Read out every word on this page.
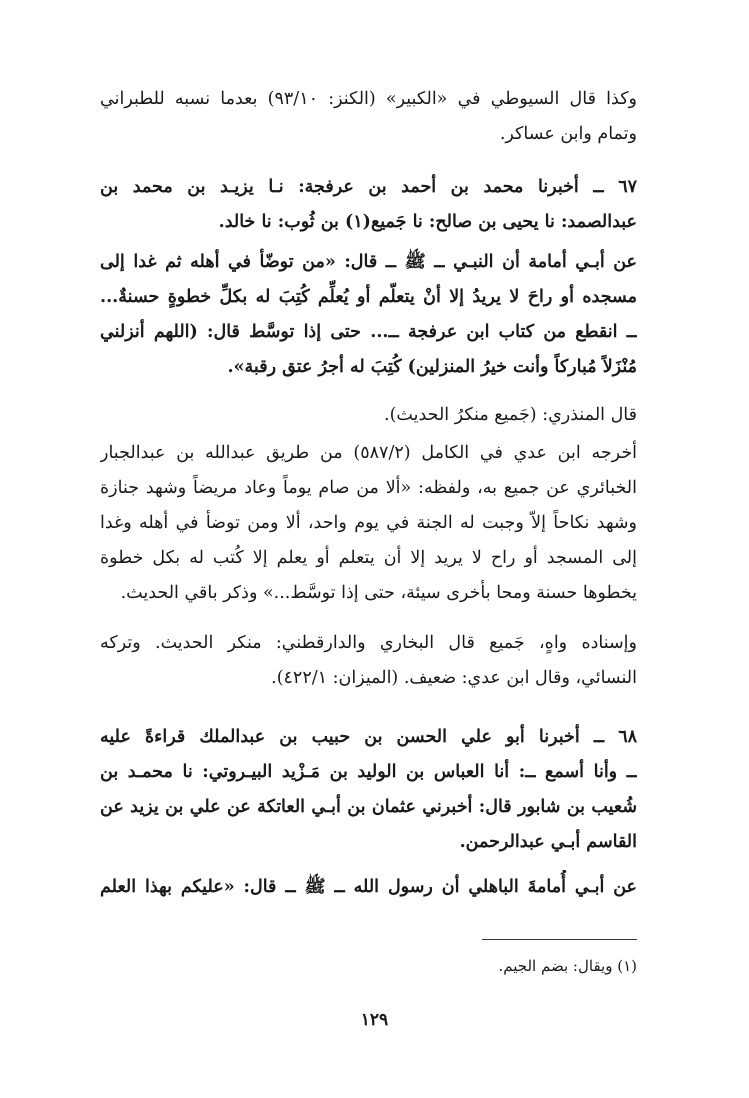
وكذا قال السيوطي في «الكبير» (الكنز: ٩٣/١٠) بعدما نسبه للطبراني
وتمام وابن عساكر.
٦٧ ــ أخبرنا محمد بن أحمد بن عرفجة: نـا يزيـد بن محمد بن
عبدالصمد: نا يحيى بن صالح: نا جَميع(١) بن ثُوب: نا خالد.
عن أبـي أمامة أن النبـي ــ ﷺ ــ قال: «من توضّأ في أهله ثم غدا إلى
مسجده أو راحَ لا يريدُ إلا أنْ يتعلّم أو يُعلِّم كُتِبَ له بكلِّ خطوةٍ حسنةٌ...
ــ انقطع من كتاب ابن عرفجة ــ... حتى إذا توسَّط قال: (اللهم أنزلني
مُنْزَلاً مُباركاً وأنت خيرُ المنزلين) كُتِبَ له أجرُ عتق رقبة».
قال المنذري: (جَميع منكرُ الحديث).
أخرجه ابن عدي في الكامل (٥٨٧/٢) من طريق عبدالله بن عبدالجبار
الخبائري عن جميع به، ولفظه: «ألا من صام يوماً وعاد مريضاً وشهد جنازة
وشهد نكاحاً إلاّ وجبت له الجنة في يوم واحد، ألا ومن توضأ في أهله وغدا
إلى المسجد أو راح لا يريد إلا أن يتعلم أو يعلم إلا كُتب له بكل خطوة
يخطوها حسنة ومحا بأخرى سيئة، حتى إذا توسَّط...» وذكر باقي الحديث.
وإسناده واهٍ، جَميع قال البخاري والدارقطني: منكر الحديث. وتركه
النسائي، وقال ابن عدي: ضعيف. (الميزان: ٤٢٢/١).
٦٨ ــ أخبرنا أبو علي الحسن بن حبيب بن عبدالملك قراءةً عليه
ــ وأنا أسمع ــ: أنا العباس بن الوليد بن مَـزْيد البيـروتي: نا محمـد بن
شُعيب بن شابور قال: أخبرني عثمان بن أبـي العاتكة عن علي بن يزيد عن
القاسم أبـي عبدالرحمن.
عن أبـي أُمامةَ الباهلي أن رسول الله ــ ﷺ ــ قال: «عليكم بهذا العلم
(١) ويقال: بضم الجيم.
١٢٩
